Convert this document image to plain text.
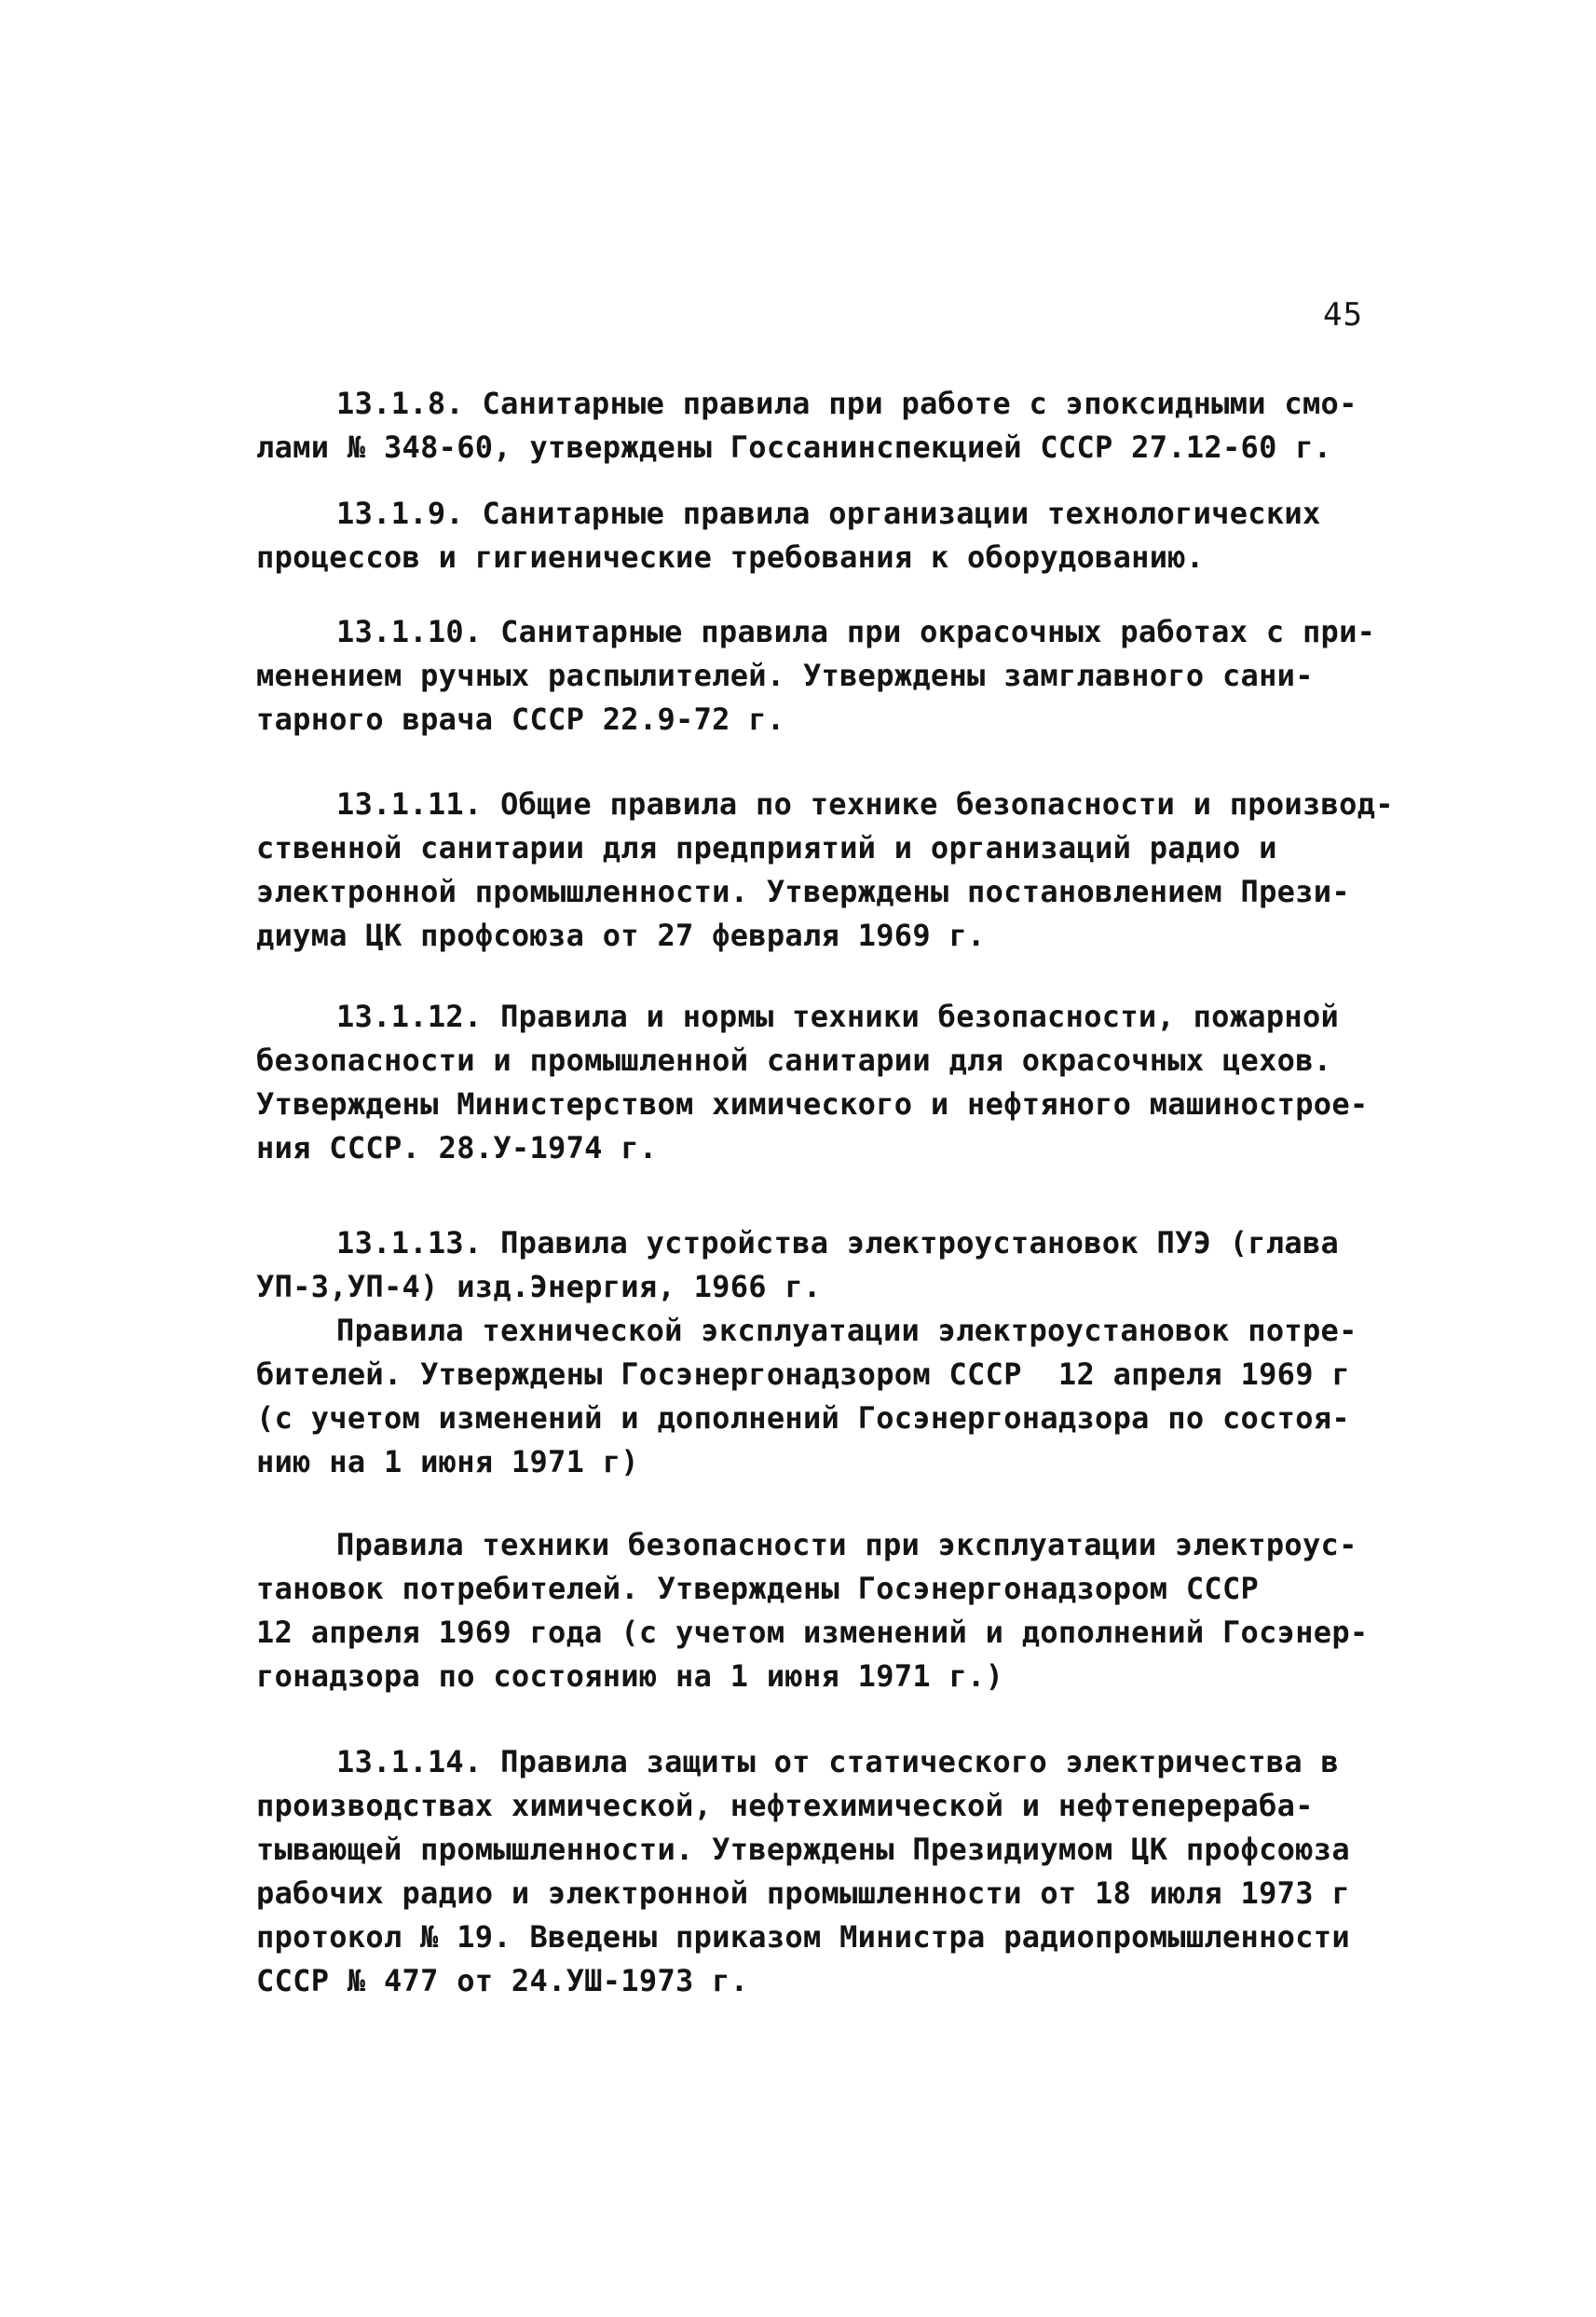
45
13.1.8. Санитарные правила при работе с эпоксидными смо-
лами № 348-60, утверждены Госсанинспекцией СССР 27.12-60 г.
13.1.9. Санитарные правила организации технологических
процессов и гигиенические требования к оборудованию.
13.1.10. Санитарные правила при окрасочных работах с при-
менением ручных распылителей. Утверждены замглавного сани-
тарного врача СССР 22.9-72 г.
13.1.11. Общие правила по технике безопасности и производ-
ственной санитарии для предприятий и организаций радио и
электронной промышленности. Утверждены постановлением Прези-
диума ЦК профсоюза от 27 февраля 1969 г.
13.1.12. Правила и нормы техники безопасности, пожарной
безопасности и промышленной санитарии для окрасочных цехов.
Утверждены Министерством химического и нефтяного машинострое-
ния СССР. 28.У-1974 г.
13.1.13. Правила устройства электроустановок ПУЭ (глава
УП-3,УП-4) изд.Энергия, 1966 г.
Правила технической эксплуатации электроустановок потре-
бителей. Утверждены Госэнергонадзором СССР  12 апреля 1969 г
(с учетом изменений и дополнений Госэнергонадзора по состоя-
нию на 1 июня 1971 г)
Правила техники безопасности при эксплуатации электроус-
тановок потребителей. Утверждены Госэнергонадзором СССР
12 апреля 1969 года (с учетом изменений и дополнений Госэнер-
гонадзора по состоянию на 1 июня 1971 г.)
13.1.14. Правила защиты от статического электричества в
производствах химической, нефтехимической и нефтеперераба-
тывающей промышленности. Утверждены Президиумом ЦК профсоюза
рабочих радио и электронной промышленности от 18 июля 1973 г
протокол № 19. Введены приказом Министра радиопромышленности
СССР № 477 от 24.УШ-1973 г.
